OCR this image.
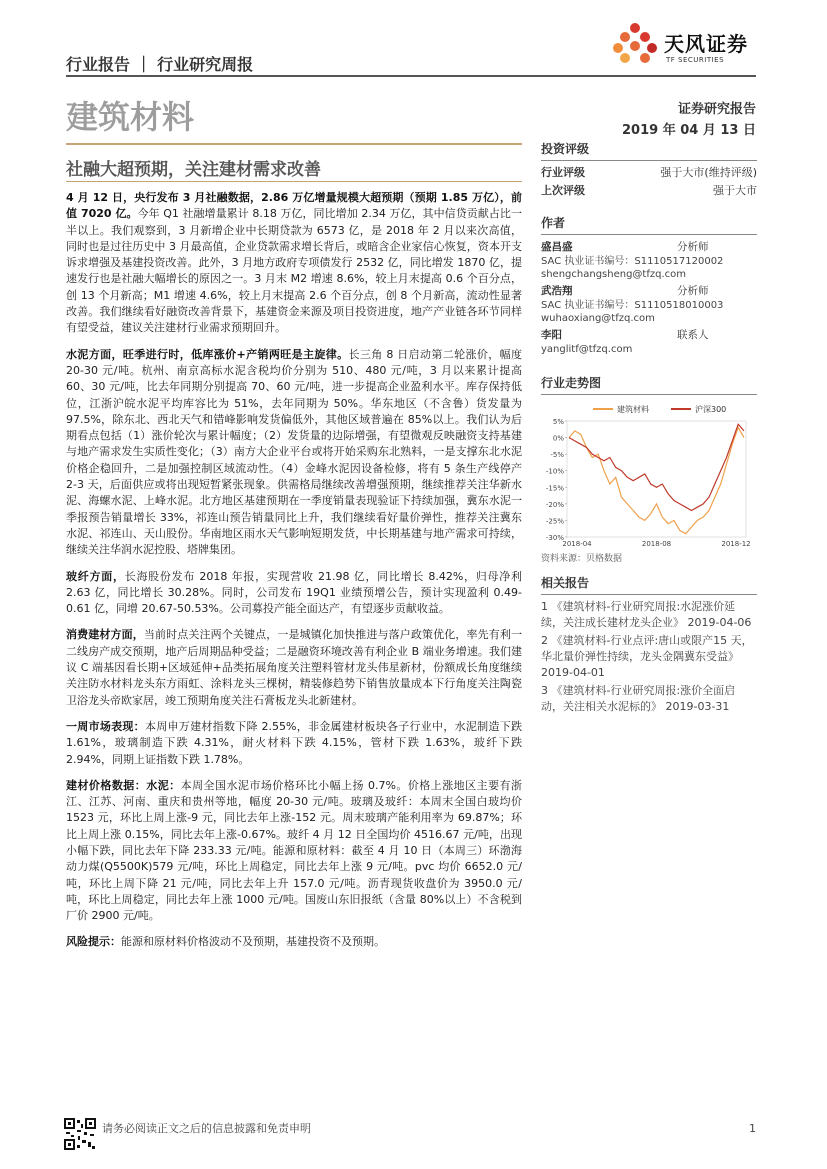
天风证券
TF SECURITIES
行业报告 ｜ 行业研究周报
建筑材料	证券研究报告
2019 年 04 月 13 日
社融大超预期，关注建材需求改善

4 月 12 日，央行发布 3 月社融数据，2.86 万亿增量规模大超预期（预期 1.85 万亿），前值 7020 亿。今年 Q1 社融增量累计 8.18 万亿，同比增加 2.34 万亿，其中信贷贡献占比一半以上。我们观察到，3 月新增企业中长期贷款为 6573 亿，是 2018 年 2 月以来次高值，同时也是过往历史中 3 月最高值，企业贷款需求增长背后，或暗含企业家信心恢复，资本开支诉求增强及基建投资改善。此外，3 月地方政府专项债发行 2532 亿，同比增发 1870 亿，提速发行也是社融大幅增长的原因之一。3 月末 M2 增速 8.6%，较上月末提高 0.6 个百分点，创 13 个月新高；M1 增速 4.6%，较上月末提高 2.6 个百分点，创 8 个月新高，流动性显著改善。我们继续看好融资改善背景下，基建资金来源及项目投资进度，地产产业链各环节同样有望受益，建议关注建材行业需求预期回升。

水泥方面，旺季进行时，低库涨价+产销两旺是主旋律。长三角 8 日启动第二轮涨价，幅度 20-30 元/吨。杭州、南京高标水泥含税均价分别为 510、480 元/吨，3 月以来累计提高 60、30 元/吨，比去年同期分别提高 70、60 元/吨，进一步提高企业盈利水平。库存保持低位，江浙沪皖水泥平均库容比为 51%，去年同期为 50%。华东地区（不含鲁）货发量为 97.5%，除东北、西北天气和错峰影响发货偏低外，其他区域普遍在 85%以上。我们认为后期看点包括（1）涨价轮次与累计幅度；（2）发货量的边际增强，有望微观反映融资支持基建与地产需求发生实质性变化；（3）南方大企业平台或将开始采购东北熟料，一是支撑东北水泥价格企稳回升，二是加强控制区域流动性。（4）金峰水泥因设备检修，将有 5 条生产线停产 2-3 天，后面供应或将出现短暂紧张现象。供需格局继续改善增强预期，继续推荐关注华新水泥、海螺水泥、上峰水泥。北方地区基建预期在一季度销量表现验证下持续加强，冀东水泥一季报预告销量增长 33%，祁连山预告销量同比上升，我们继续看好量价弹性，推荐关注冀东水泥、祁连山、天山股份。华南地区雨水天气影响短期发货，中长期基建与地产需求可持续，继续关注华润水泥控股、塔牌集团。

玻纤方面，长海股份发布 2018 年报，实现营收 21.98 亿，同比增长 8.42%，归母净利 2.63 亿，同比增长 30.28%。同时，公司发布 19Q1 业绩预增公告，预计实现盈利 0.49-0.61 亿，同增 20.67-50.53%。公司募投产能全面达产，有望逐步贡献收益。

消费建材方面，当前时点关注两个关键点，一是城镇化加快推进与落户政策优化，率先有利一二线房产成交预期，地产后周期品种受益；二是融资环境改善有利企业 B 端业务增速。我们建议 C 端基因看长期+区域延伸+品类拓展角度关注塑料管材龙头伟星新材，份额成长角度继续关注防水材料龙头东方雨虹、涂料龙头三棵树，精装修趋势下销售放量成本下行角度关注陶瓷卫浴龙头帝欧家居，竣工预期角度关注石膏板龙头北新建材。

一周市场表现：本周申万建材指数下降 2.55%，非金属建材板块各子行业中，水泥制造下跌 1.61%，玻璃制造下跌 4.31%，耐火材料下跌 4.15%，管材下跌 1.63%，玻纤下跌 2.94%，同期上证指数下跌 1.78%。

建材价格数据：水泥：本周全国水泥市场价格环比小幅上扬 0.7%。价格上涨地区主要有浙江、江苏、河南、重庆和贵州等地，幅度 20-30 元/吨。玻璃及玻纤：本周末全国白玻均价 1523 元，环比上周上涨-9 元，同比去年上涨-152 元。周末玻璃产能利用率为 69.87%；环比上周上涨 0.15%，同比去年上涨-0.67%。玻纤 4 月 12 日全国均价 4516.67 元/吨，出现小幅下跌，同比去年下降 233.33 元/吨。能源和原材料：截至 4 月 10 日（本周三）环渤海动力煤(Q5500K)579 元/吨，环比上周稳定，同比去年上涨 9 元/吨。pvc 均价 6652.0 元/吨，环比上周下降 21 元/吨，同比去年上升 157.0 元/吨。沥青现货收盘价为 3950.0 元/吨，环比上周稳定，同比去年上涨 1000 元/吨。国废山东旧报纸（含量 80%以上）不含税到厂价 2900 元/吨。

风险提示：能源和原材料价格波动不及预期，基建投资不及预期。

投资评级
行业评级	强于大市(维持评级)
上次评级	强于大市
作者
盛昌盛	分析师
SAC 执业证书编号：S1110517120002
shengchangsheng@tfzq.com
武浩翔	分析师
SAC 执业证书编号：S1110518010003
wuhaoxiang@tfzq.com
李阳	联系人
yanglitf@tfzq.com
行业走势图
5%
0%
-5%
-10%
-15%
-20%
-25%
-30%
2018-04	2018-08	2018-12
建筑材料	沪深300
资料来源：贝格数据
相关报告
1 《建筑材料-行业研究周报:水泥涨价延续，关注成长建材龙头企业》 2019-04-06
2 《建筑材料-行业点评:唐山或限产15 天，华北量价弹性持续，龙头金隅冀东受益》 2019-04-01
3 《建筑材料-行业研究周报:涨价全面启动，关注相关水泥标的》 2019-03-31
请务必阅读正文之后的信息披露和免责申明	1
